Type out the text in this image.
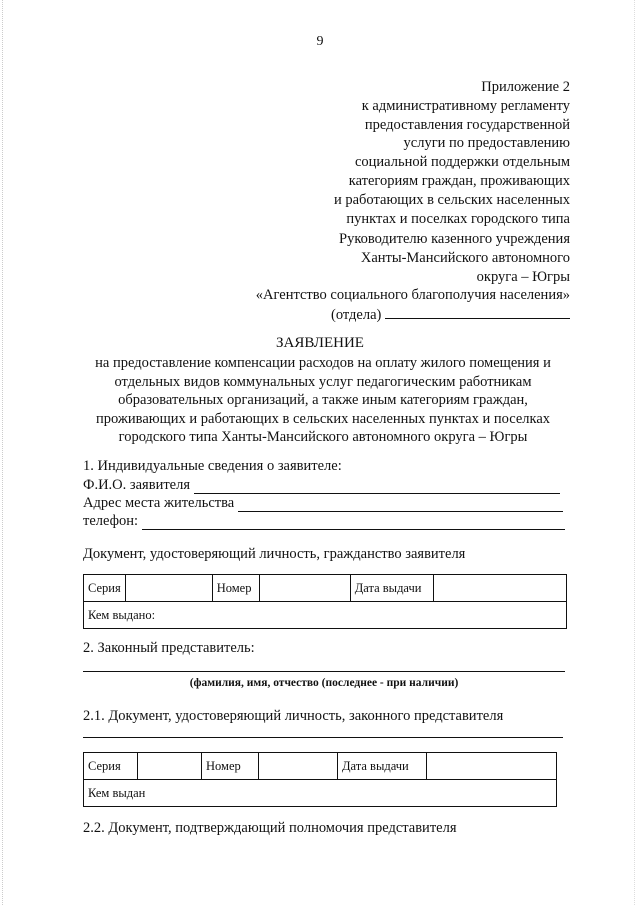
9
Приложение 2
к административному регламенту
предоставления государственной
услуги по предоставлению
социальной поддержки отдельным
категориям граждан, проживающих
и работающих в сельских населенных
пунктах и поселках городского типа
Руководителю казенного учреждения
Ханты-Мансийского автономного
округа – Югры
«Агентство социального благополучия населения»
(отдела)
ЗАЯВЛЕНИЕ
на предоставление компенсации расходов на оплату жилого помещения и
отдельных видов коммунальных услуг педагогическим работникам
образовательных организаций, а также иным категориям граждан,
проживающих и работающих в сельских населенных пунктах и поселках
городского типа Ханты-Мансийского автономного округа – Югры
1. Индивидуальные сведения о заявителе:
Ф.И.О. заявителя
Адрес места жительства
телефон:
Документ, удостоверяющий личность, гражданство заявителя
Серия		Номер		Дата выдачи	
Кем выдано:
2. Законный представитель:
(фамилия, имя, отчество (последнее - при наличии)
2.1. Документ, удостоверяющий личность, законного представителя
Серия		Номер		Дата выдачи	
Кем выдан
2.2. Документ, подтверждающий полномочия представителя
